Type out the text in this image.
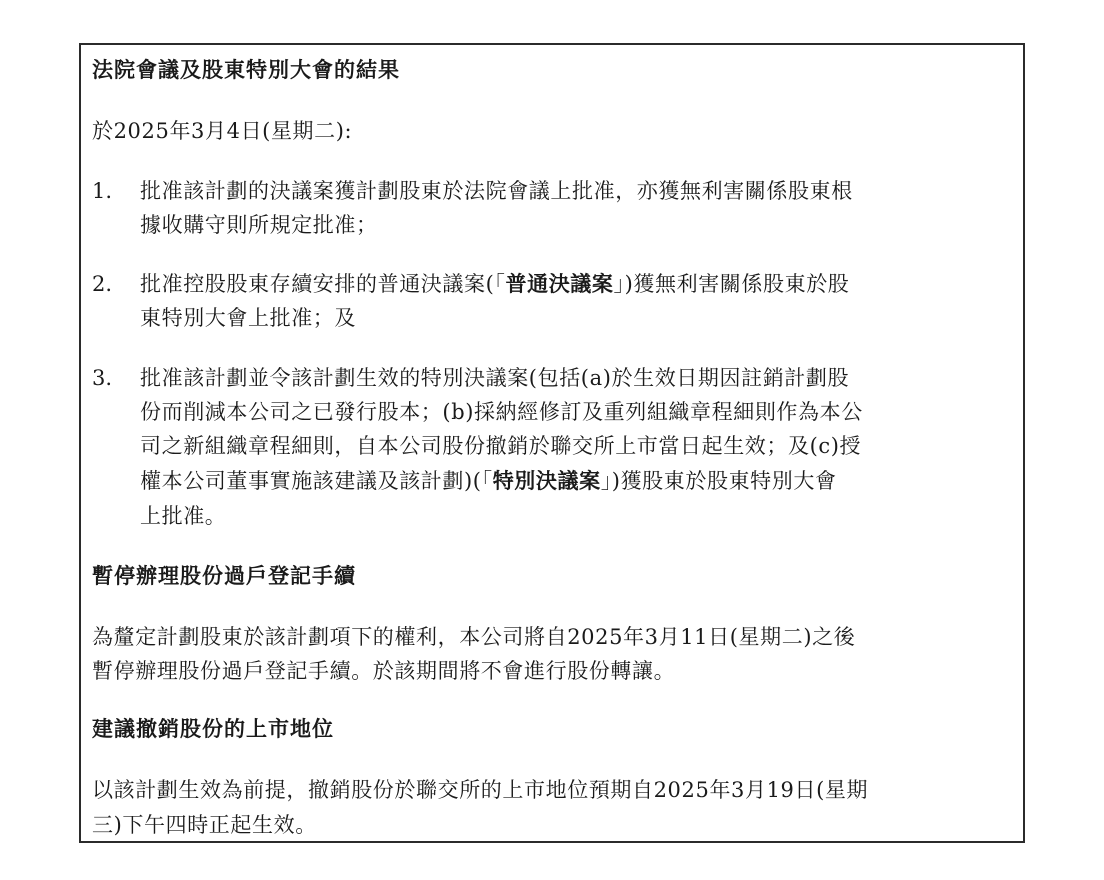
法院會議及股東特別大會的結果
於2025年3月4日(星期二):
1. 批准該計劃的決議案獲計劃股東於法院會議上批准，亦獲無利害關係股東根
據收購守則所規定批准；
2. 批准控股股東存續安排的普通決議案(「普通決議案」)獲無利害關係股東於股
東特別大會上批准；及
3. 批准該計劃並令該計劃生效的特別決議案(包括(a)於生效日期因註銷計劃股
份而削減本公司之已發行股本；(b)採納經修訂及重列組織章程細則作為本公
司之新組織章程細則，自本公司股份撤銷於聯交所上市當日起生效；及(c)授
權本公司董事實施該建議及該計劃)(「特別決議案」)獲股東於股東特別大會
上批准。
暫停辦理股份過戶登記手續
為釐定計劃股東於該計劃項下的權利，本公司將自2025年3月11日(星期二)之後
暫停辦理股份過戶登記手續。於該期間將不會進行股份轉讓。
建議撤銷股份的上市地位
以該計劃生效為前提，撤銷股份於聯交所的上市地位預期自2025年3月19日(星期
三)下午四時正起生效。
